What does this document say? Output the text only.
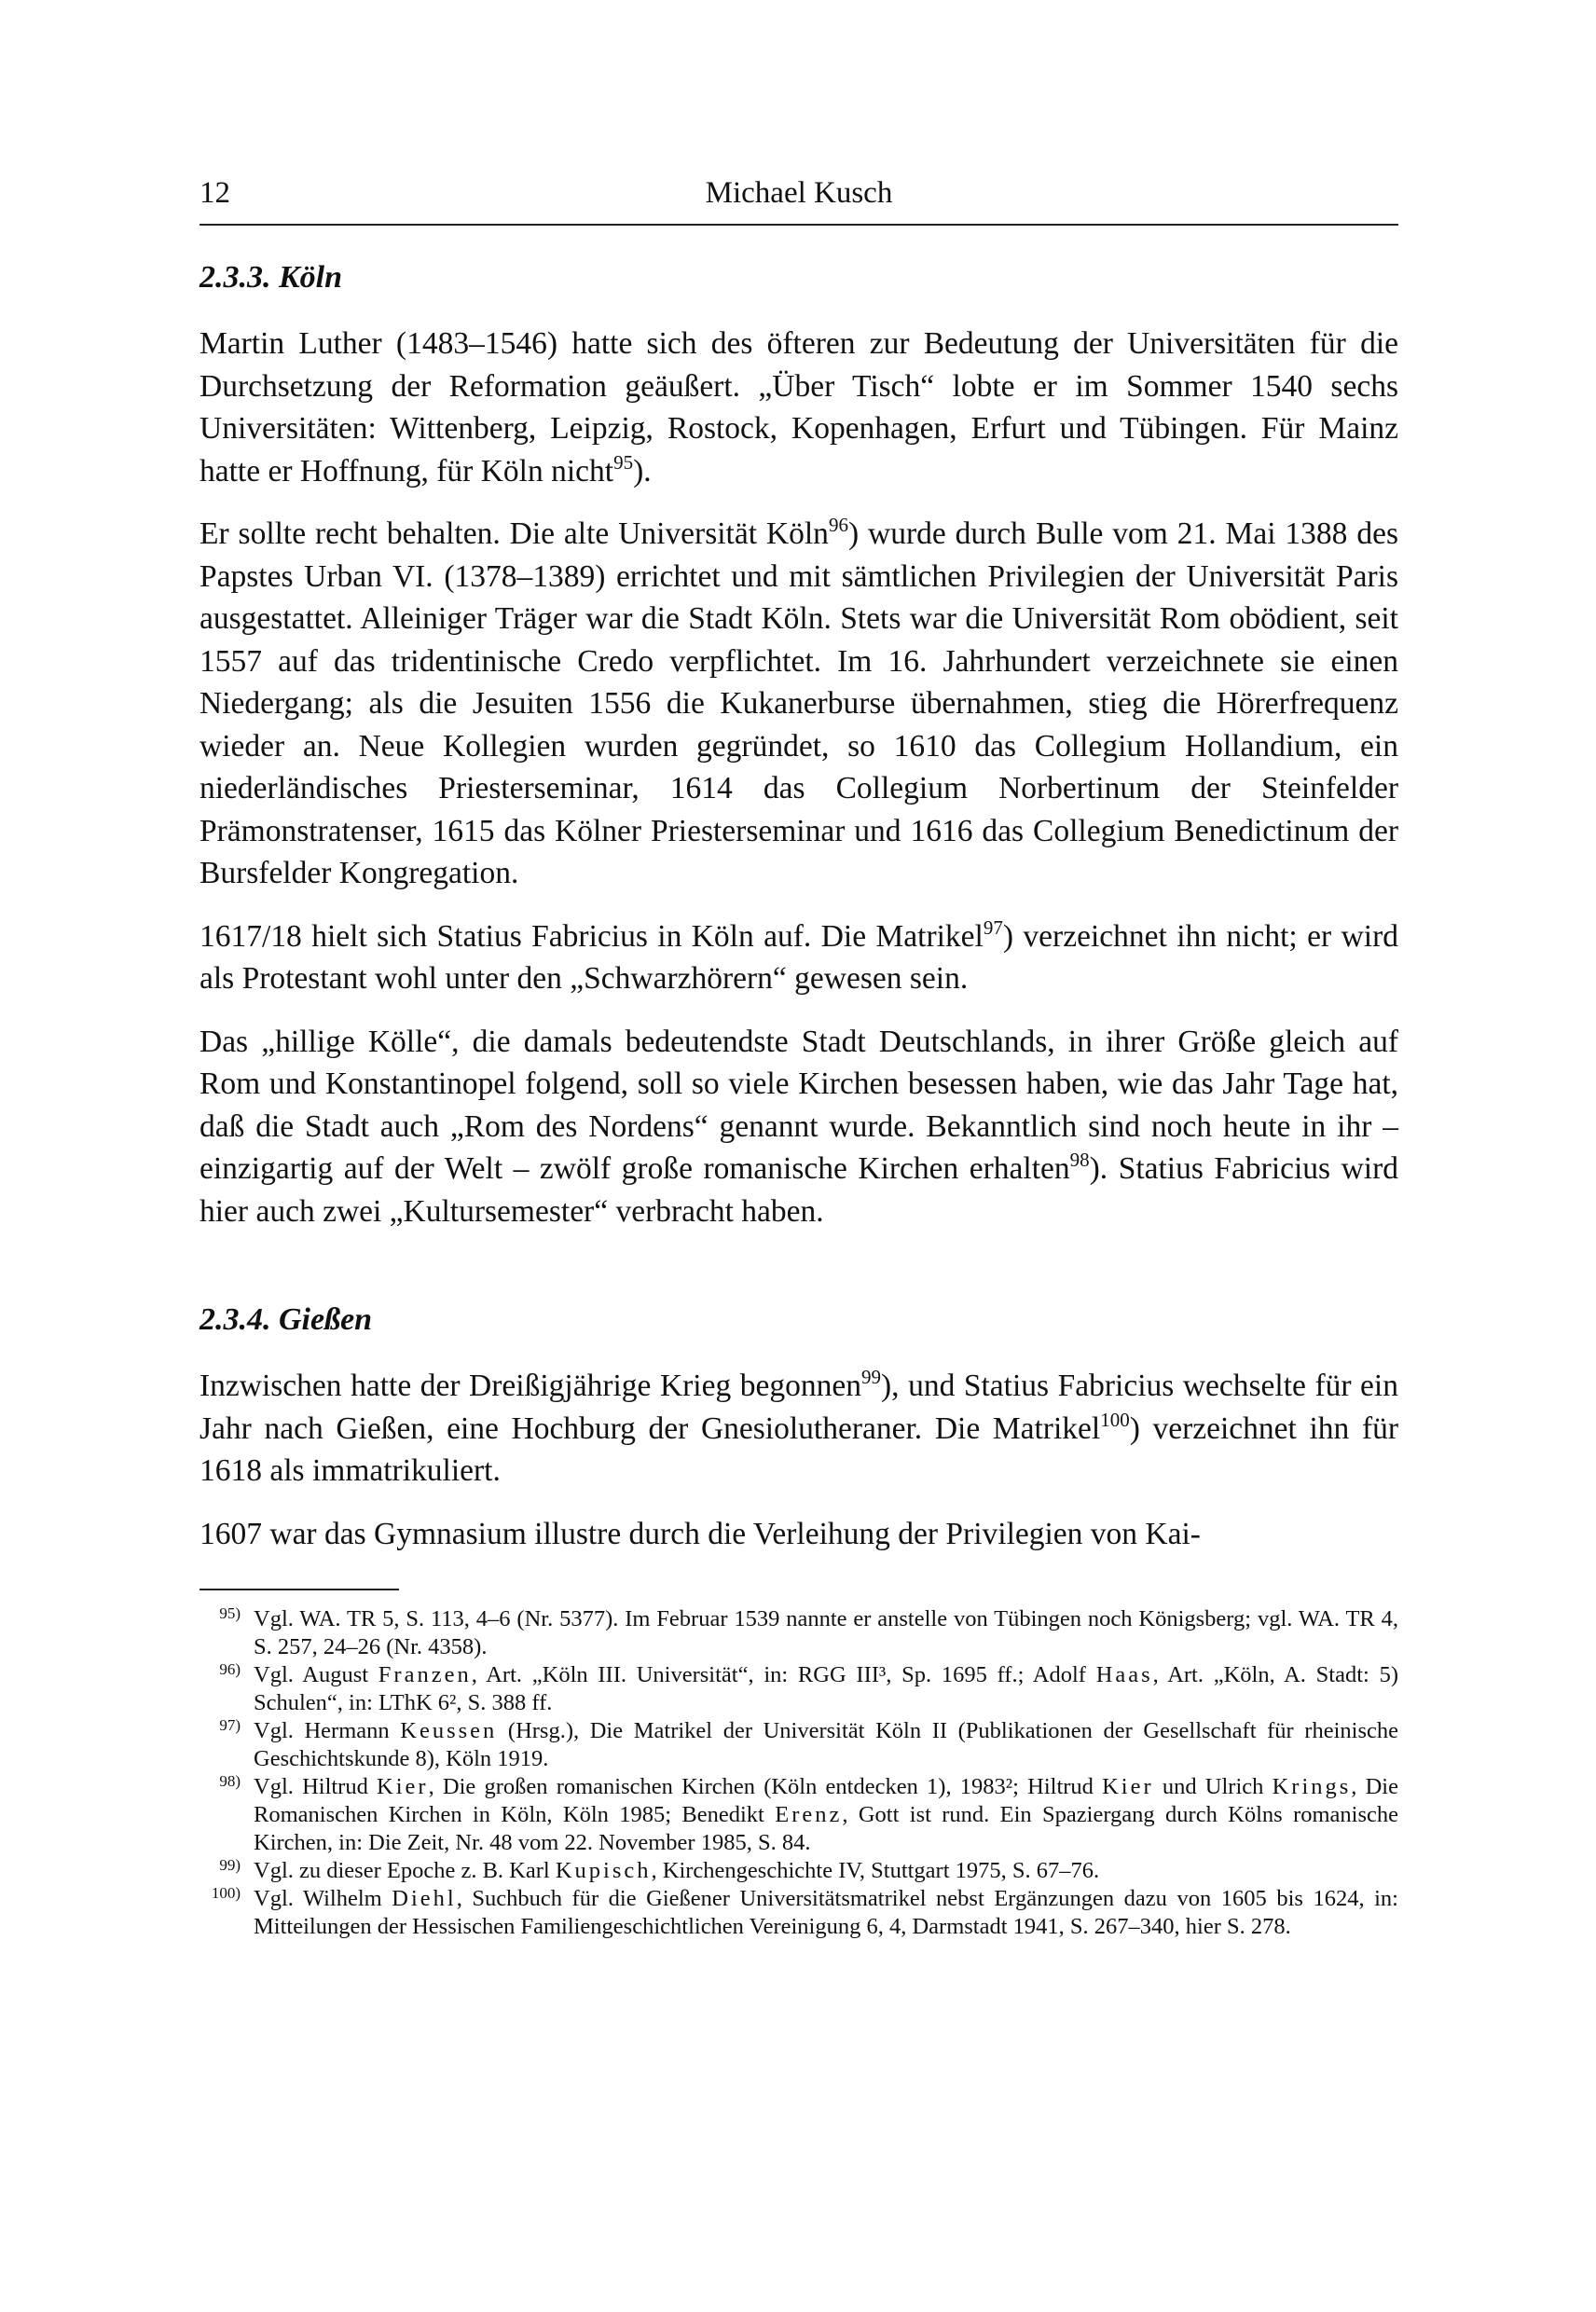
12	Michael Kusch
2.3.3. Köln

Martin Luther (1483–1546) hatte sich des öfteren zur Bedeutung der Universitäten für die Durchsetzung der Reformation geäußert. „Über Tisch“ lobte er im Sommer 1540 sechs Universitäten: Wittenberg, Leipzig, Rostock, Kopenhagen, Erfurt und Tübingen. Für Mainz hatte er Hoffnung, für Köln nicht$^{95}$).

Er sollte recht behalten. Die alte Universität Köln$^{96}$) wurde durch Bulle vom 21. Mai 1388 des Papstes Urban VI. (1378–1389) errichtet und mit sämtlichen Privilegien der Universität Paris ausgestattet. Alleiniger Träger war die Stadt Köln. Stets war die Universität Rom obödient, seit 1557 auf das tridentinische Credo verpflichtet. Im 16. Jahrhundert verzeichnete sie einen Niedergang; als die Jesuiten 1556 die Kukanerburse übernahmen, stieg die Hörerfrequenz wieder an. Neue Kollegien wurden gegründet, so 1610 das Collegium Hollandium, ein niederländisches Priesterseminar, 1614 das Collegium Norbertinum der Steinfelder Prämonstratenser, 1615 das Kölner Priesterseminar und 1616 das Collegium Benedictinum der Bursfelder Kongregation.

1617/18 hielt sich Statius Fabricius in Köln auf. Die Matrikel$^{97}$) verzeichnet ihn nicht; er wird als Protestant wohl unter den „Schwarzhörern“ gewesen sein.

Das „hillige Kölle“, die damals bedeutendste Stadt Deutschlands, in ihrer Größe gleich auf Rom und Konstantinopel folgend, soll so viele Kirchen besessen haben, wie das Jahr Tage hat, daß die Stadt auch „Rom des Nordens“ genannt wurde. Bekanntlich sind noch heute in ihr – einzigartig auf der Welt – zwölf große romanische Kirchen erhalten$^{98}$). Statius Fabricius wird hier auch zwei „Kultursemester“ verbracht haben.

2.3.4. Gießen

Inzwischen hatte der Dreißigjährige Krieg begonnen$^{99}$), und Statius Fabricius wechselte für ein Jahr nach Gießen, eine Hochburg der Gnesiolutheraner. Die Matrikel$^{100}$) verzeichnet ihn für 1618 als immatrikuliert.

1607 war das Gymnasium illustre durch die Verleihung der Privilegien von Kai-

95) Vgl. WA. TR 5, S. 113, 4–6 (Nr. 5377). Im Februar 1539 nannte er anstelle von Tübingen noch Königsberg; vgl. WA. TR 4, S. 257, 24–26 (Nr. 4358).
96) Vgl. August Franzen, Art. „Köln III. Universität“, in: RGG III³, Sp. 1695 ff.; Adolf Haas, Art. „Köln, A. Stadt: 5) Schulen“, in: LThK 6², S. 388 ff.
97) Vgl. Hermann Keussen (Hrsg.), Die Matrikel der Universität Köln II (Publikationen der Gesellschaft für rheinische Geschichtskunde 8), Köln 1919.
98) Vgl. Hiltrud Kier, Die großen romanischen Kirchen (Köln entdecken 1), 1983²; Hiltrud Kier und Ulrich Krings, Die Romanischen Kirchen in Köln, Köln 1985; Benedikt Erenz, Gott ist rund. Ein Spaziergang durch Kölns romanische Kirchen, in: Die Zeit, Nr. 48 vom 22. November 1985, S. 84.
99) Vgl. zu dieser Epoche z. B. Karl Kupisch, Kirchengeschichte IV, Stuttgart 1975, S. 67–76.
100) Vgl. Wilhelm Diehl, Suchbuch für die Gießener Universitätsmatrikel nebst Ergänzungen dazu von 1605 bis 1624, in: Mitteilungen der Hessischen Familiengeschichtlichen Vereinigung 6, 4, Darmstadt 1941, S. 267–340, hier S. 278.
